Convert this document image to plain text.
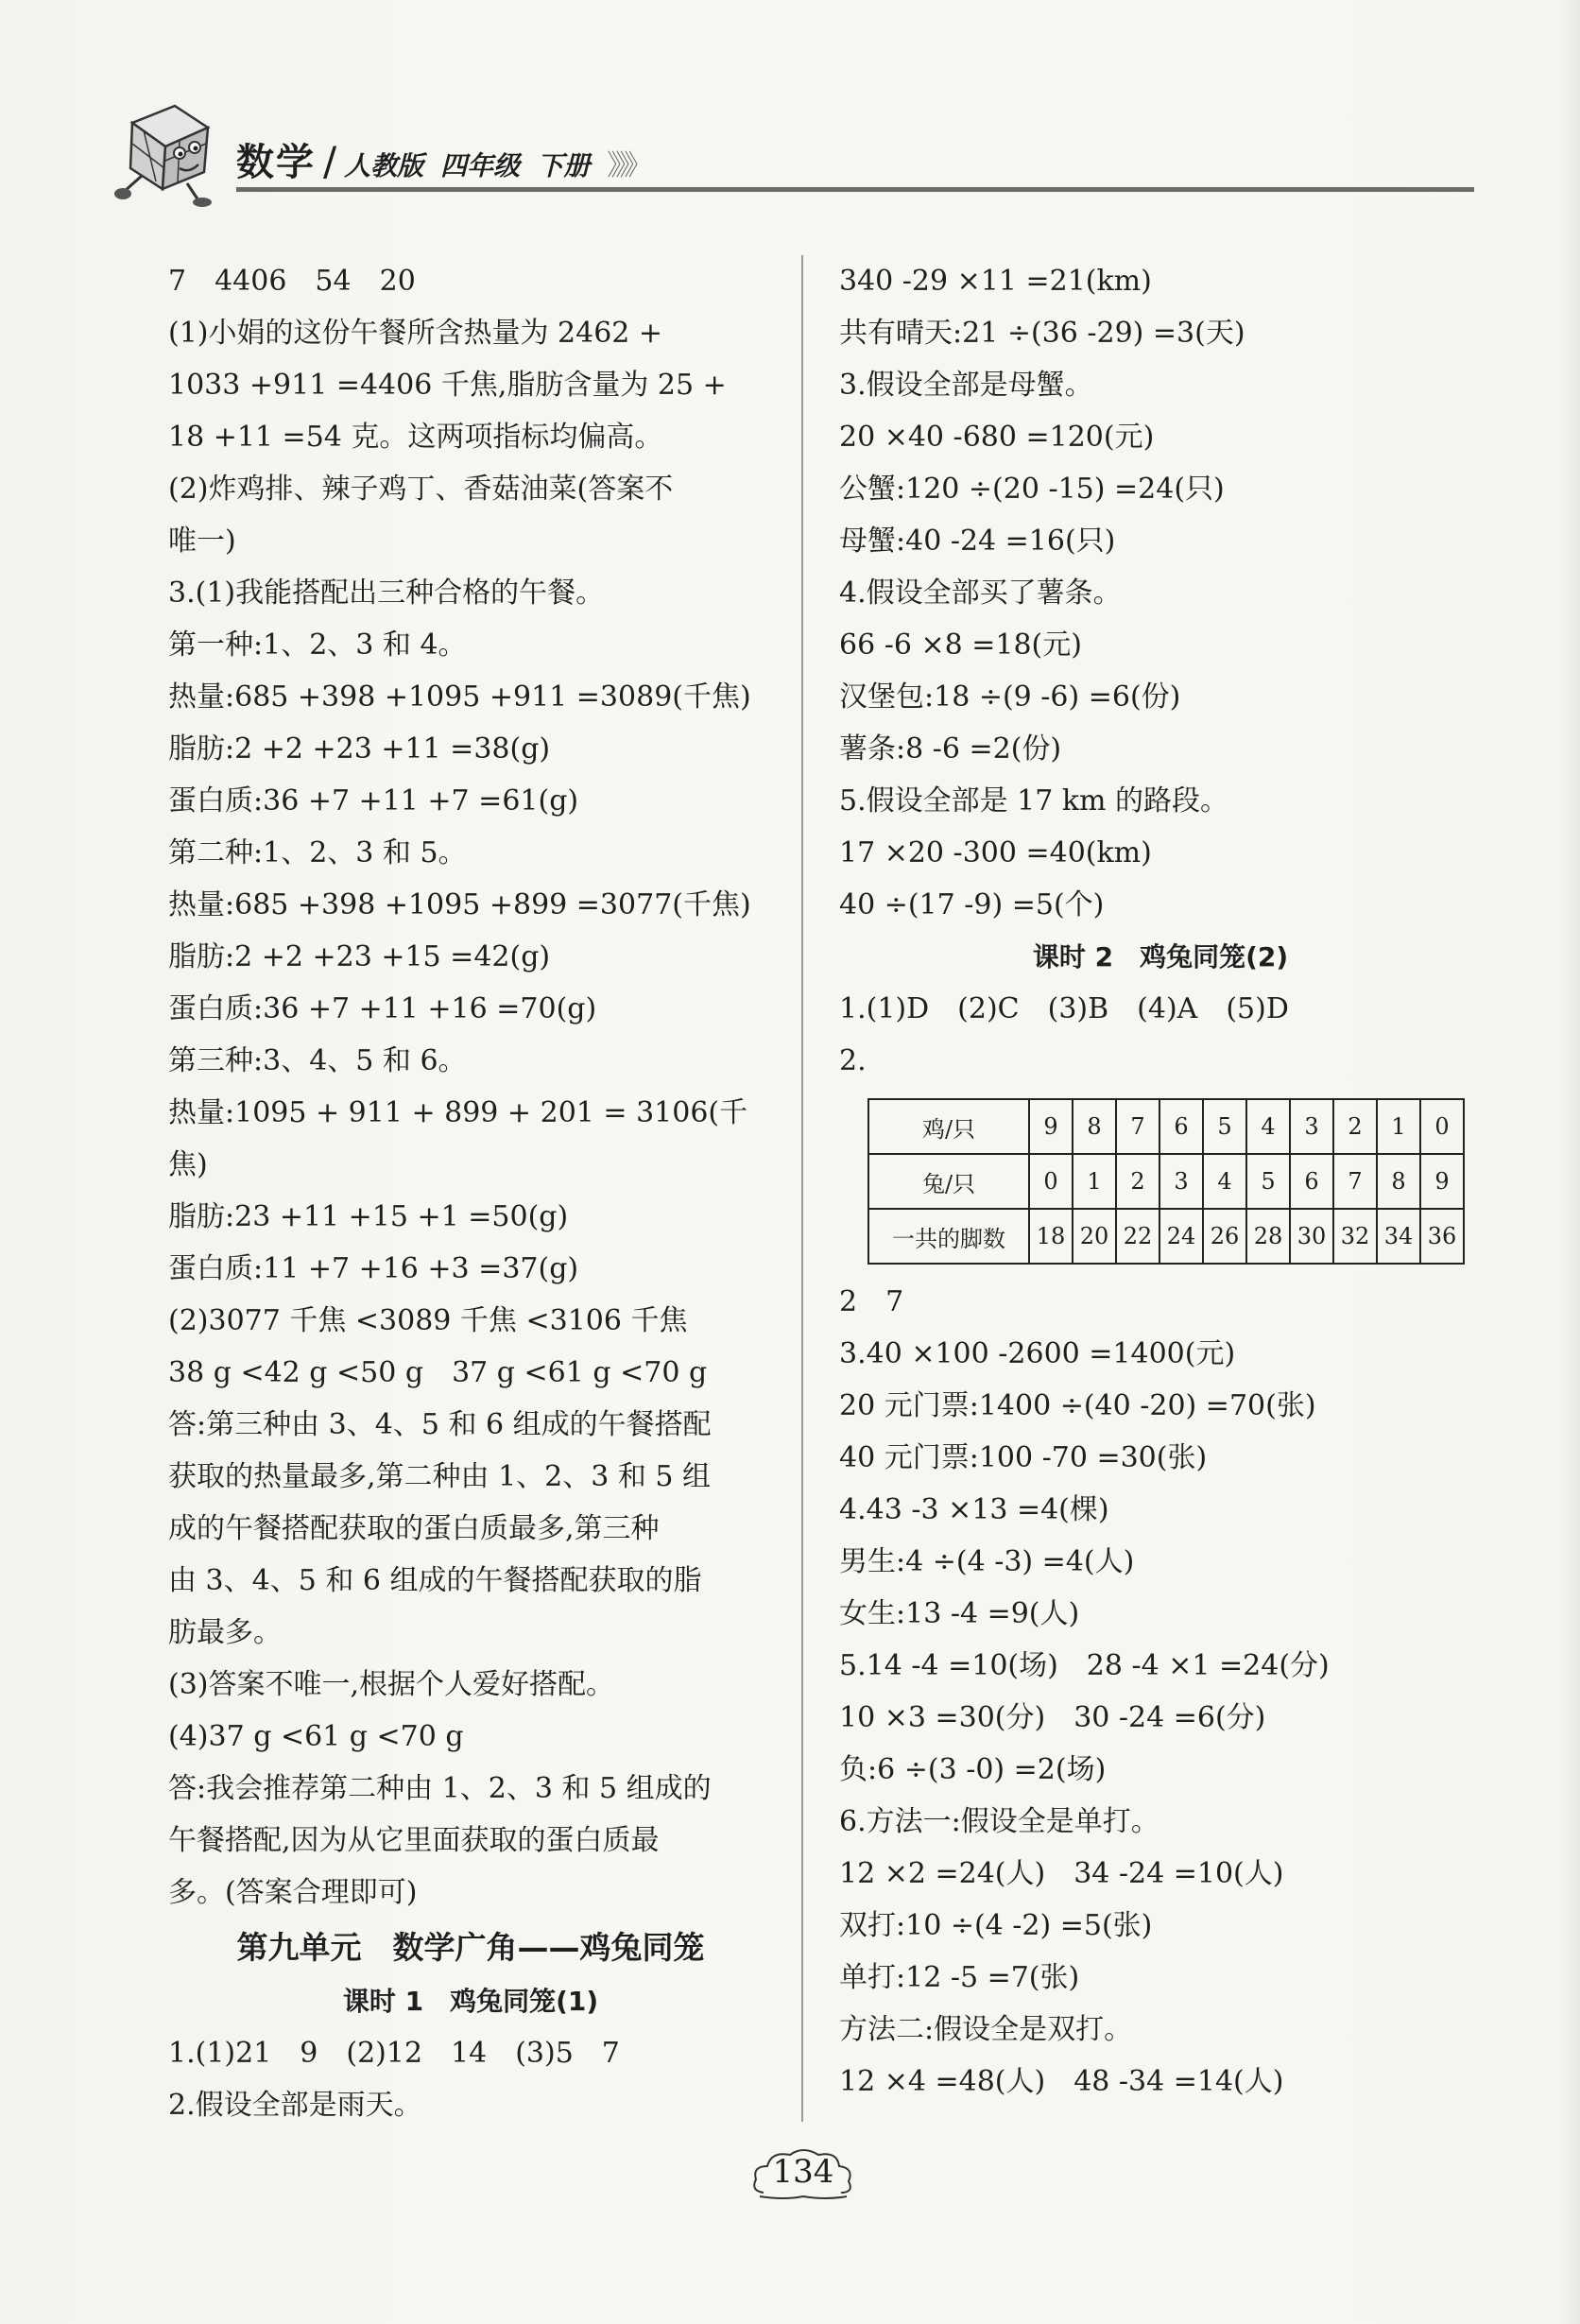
数学 / 人教版 四年级 下册 》》》
7　4406　54　20
(1)小娟的这份午餐所含热量为 2462 +
1033 +911 =4406 千焦,脂肪含量为 25 +
18 +11 =54 克。这两项指标均偏高。
(2)炸鸡排、辣子鸡丁、香菇油菜(答案不
唯一)
3.(1)我能搭配出三种合格的午餐。
第一种:1、2、3 和 4。
热量:685 +398 +1095 +911 =3089(千焦)
脂肪:2 +2 +23 +11 =38(g)
蛋白质:36 +7 +11 +7 =61(g)
第二种:1、2、3 和 5。
热量:685 +398 +1095 +899 =3077(千焦)
脂肪:2 +2 +23 +15 =42(g)
蛋白质:36 +7 +11 +16 =70(g)
第三种:3、4、5 和 6。
热量:1095 + 911 + 899 + 201 = 3106(千
焦)
脂肪:23 +11 +15 +1 =50(g)
蛋白质:11 +7 +16 +3 =37(g)
(2)3077 千焦 <3089 千焦 <3106 千焦
38 g <42 g <50 g　37 g <61 g <70 g
答:第三种由 3、4、5 和 6 组成的午餐搭配
获取的热量最多,第二种由 1、2、3 和 5 组
成的午餐搭配获取的蛋白质最多,第三种
由 3、4、5 和 6 组成的午餐搭配获取的脂
肪最多。
(3)答案不唯一,根据个人爱好搭配。
(4)37 g <61 g <70 g
答:我会推荐第二种由 1、2、3 和 5 组成的
午餐搭配,因为从它里面获取的蛋白质最
多。(答案合理即可)
第九单元　数学广角——鸡兔同笼
课时 1　鸡兔同笼(1)
1.(1)21　9　(2)12　14　(3)5　7
2.假设全部是雨天。
340 -29 ×11 =21(km)
共有晴天:21 ÷(36 -29) =3(天)
3.假设全部是母蟹。
20 ×40 -680 =120(元)
公蟹:120 ÷(20 -15) =24(只)
母蟹:40 -24 =16(只)
4.假设全部买了薯条。
66 -6 ×8 =18(元)
汉堡包:18 ÷(9 -6) =6(份)
薯条:8 -6 =2(份)
5.假设全部是 17 km 的路段。
17 ×20 -300 =40(km)
40 ÷(17 -9) =5(个)
课时 2　鸡兔同笼(2)
1.(1)D　(2)C　(3)B　(4)A　(5)D
2.
鸡/只	9	8	7	6	5	4	3	2	1	0
兔/只	0	1	2	3	4	5	6	7	8	9
一共的脚数	18	20	22	24	26	28	30	32	34	36
2　7
3.40 ×100 -2600 =1400(元)
20 元门票:1400 ÷(40 -20) =70(张)
40 元门票:100 -70 =30(张)
4.43 -3 ×13 =4(棵)
男生:4 ÷(4 -3) =4(人)
女生:13 -4 =9(人)
5.14 -4 =10(场)　28 -4 ×1 =24(分)
10 ×3 =30(分)　30 -24 =6(分)
负:6 ÷(3 -0) =2(场)
6.方法一:假设全是单打。
12 ×2 =24(人)　34 -24 =10(人)
双打:10 ÷(4 -2) =5(张)
单打:12 -5 =7(张)
方法二:假设全是双打。
12 ×4 =48(人)　48 -34 =14(人)
134
